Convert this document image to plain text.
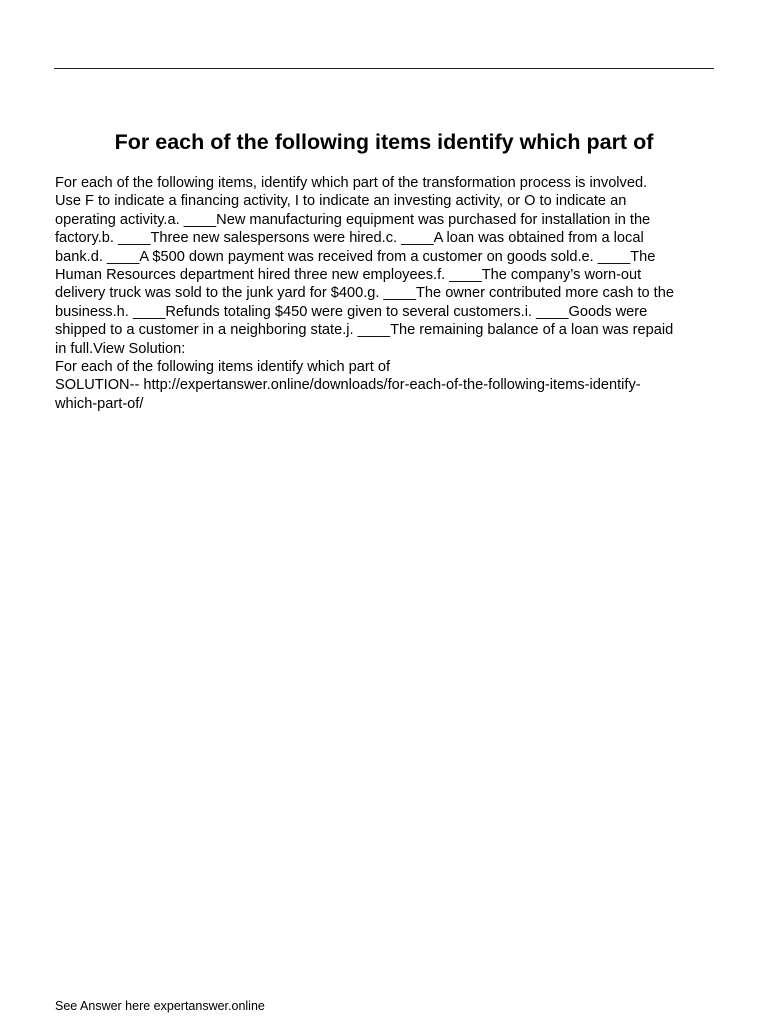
For each of the following items identify which part of

For each of the following items, identify which part of the transformation process is involved.
Use F to indicate a financing activity, I to indicate an investing activity, or O to indicate an
operating activity.a. ____New manufacturing equipment was purchased for installation in the
factory.b. ____Three new salespersons were hired.c. ____A loan was obtained from a local
bank.d. ____A $500 down payment was received from a customer on goods sold.e. ____The
Human Resources department hired three new employees.f. ____The company’s worn-out
delivery truck was sold to the junk yard for $400.g. ____The owner contributed more cash to the
business.h. ____Refunds totaling $450 were given to several customers.i. ____Goods were
shipped to a customer in a neighboring state.j. ____The remaining balance of a loan was repaid
in full.View Solution:

For each of the following items identify which part of
SOLUTION-- http://expertanswer.online/downloads/for-each-of-the-following-items-identify-
which-part-of/

See Answer here expertanswer.online
